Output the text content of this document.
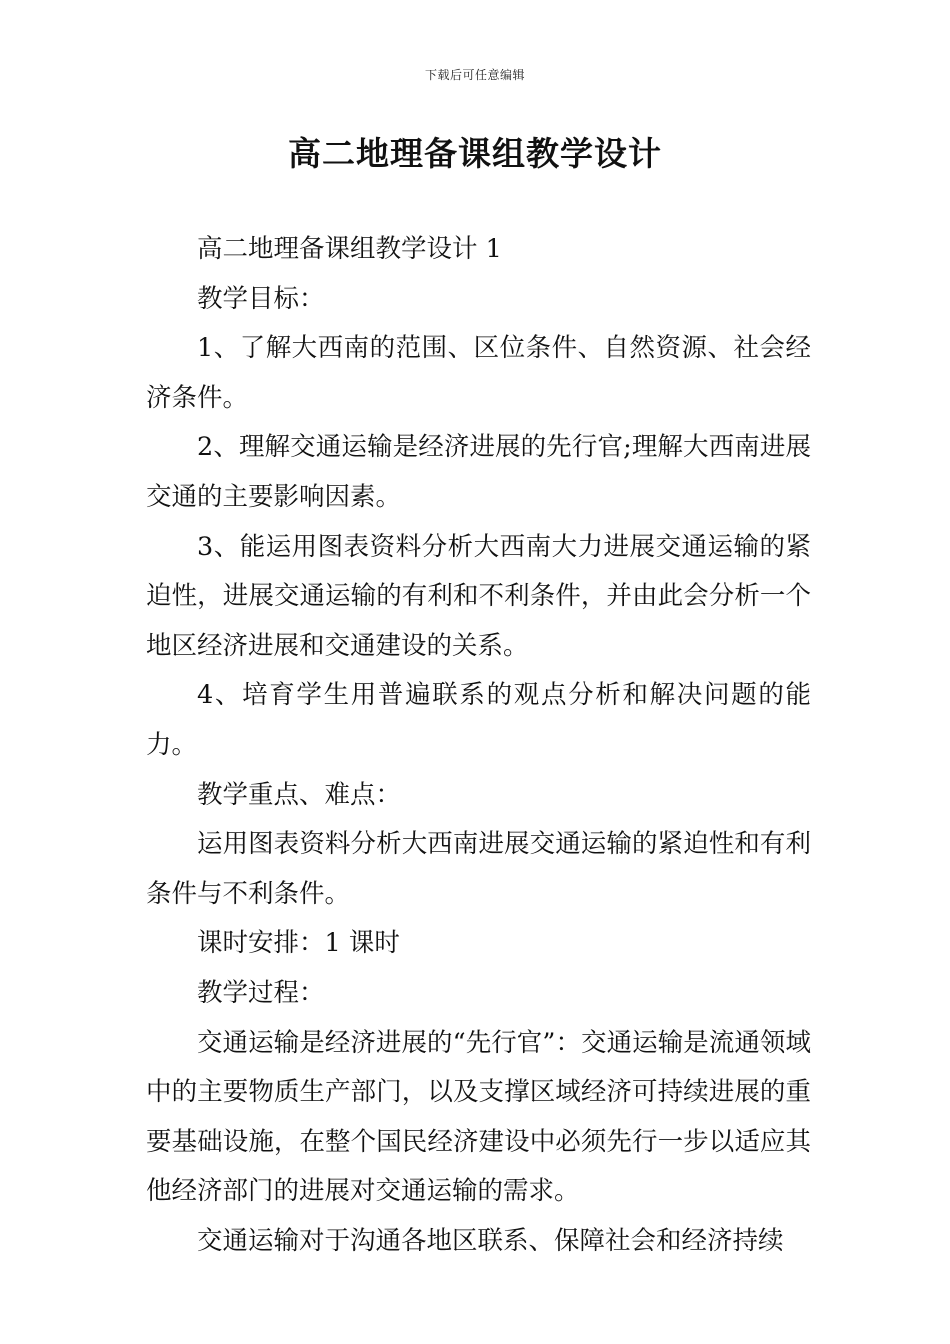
下载后可任意编辑
高二地理备课组教学设计

高二地理备课组教学设计 1

教学目标：

1、了解大西南的范围、区位条件、自然资源、社会经济条件。

2、理解交通运输是经济进展的先行官;理解大西南进展交通的主要影响因素。

3、能运用图表资料分析大西南大力进展交通运输的紧迫性，进展交通运输的有利和不利条件，并由此会分析一个地区经济进展和交通建设的关系。

4、培育学生用普遍联系的观点分析和解决问题的能力。

教学重点、难点：

运用图表资料分析大西南进展交通运输的紧迫性和有利条件与不利条件。

课时安排：1 课时

教学过程：

交通运输是经济进展的“先行官”：交通运输是流通领域中的主要物质生产部门，以及支撑区域经济可持续进展的重要基础设施，在整个国民经济建设中必须先行一步以适应其他经济部门的进展对交通运输的需求。

交通运输对于沟通各地区联系、保障社会和经济持续
